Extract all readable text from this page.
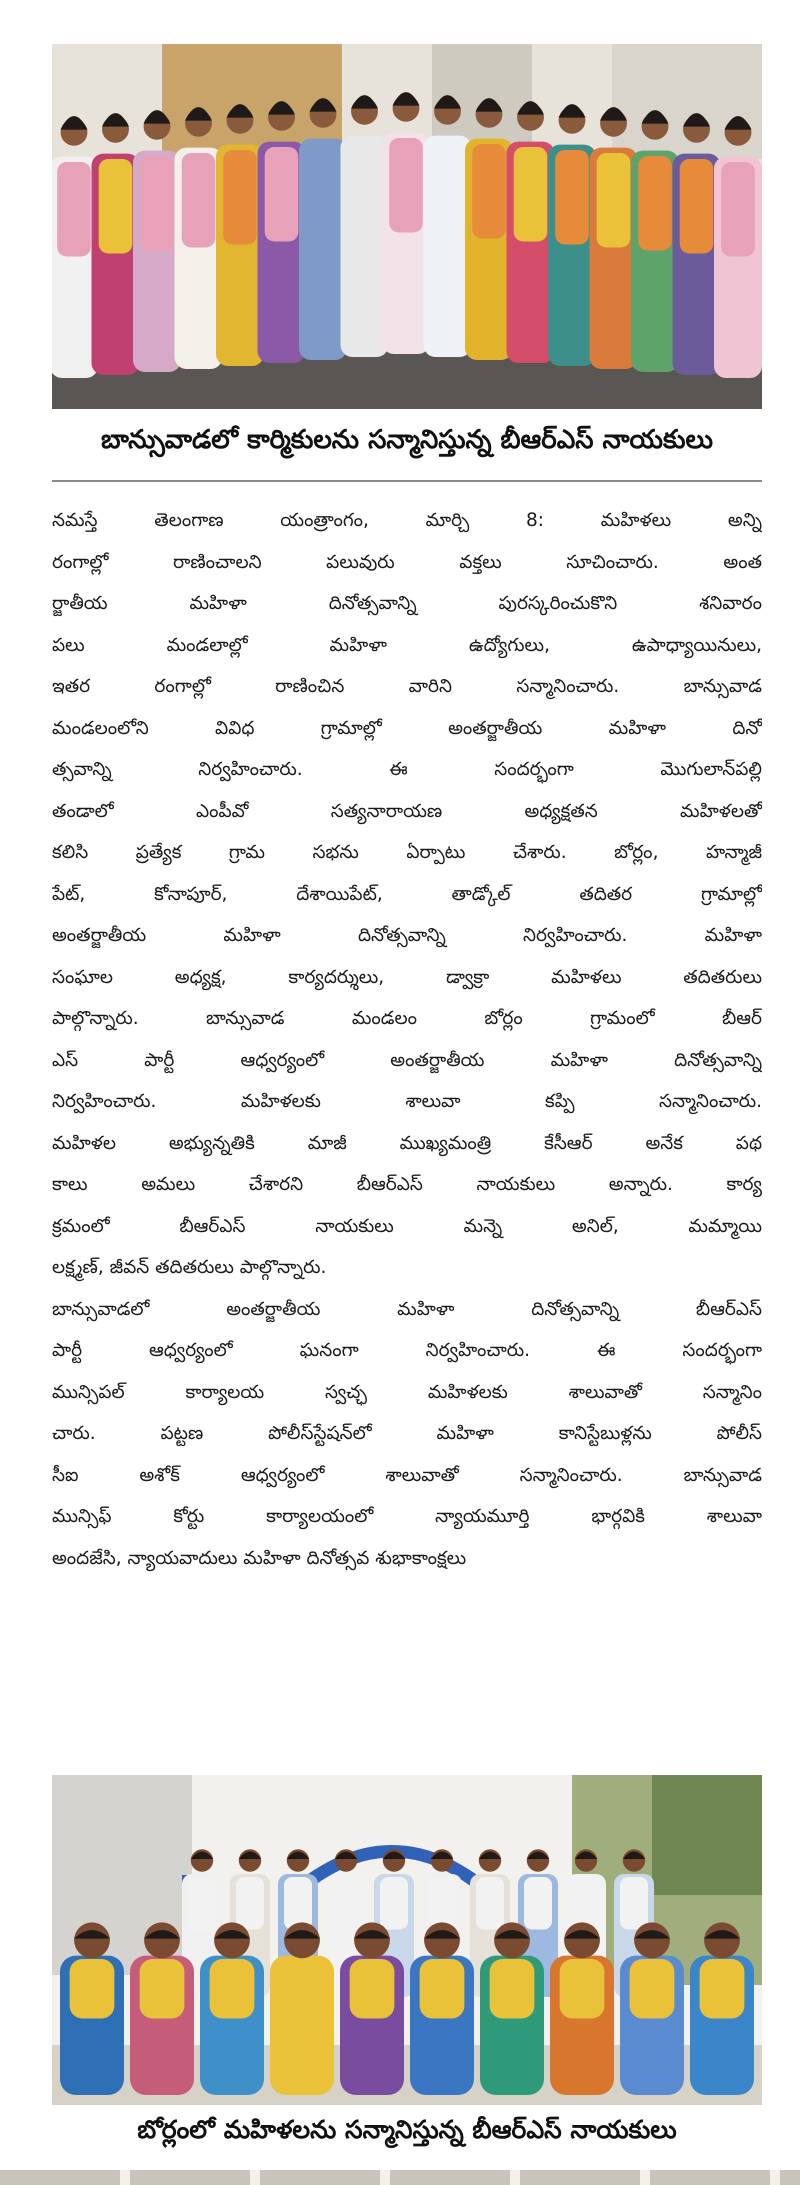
బాన్సువాడలో కార్మికులను సన్మానిస్తున్న బీఆర్ఎస్ నాయకులు
నమస్తే తెలంగాణ యంత్రాంగం, మార్చి 8: మహిళలు అన్ని
రంగాల్లో రాణించాలని పలువురు వక్తలు సూచించారు. అంత
ర్జాతీయ మహిళా దినోత్సవాన్ని పురస్కరించుకొని శనివారం
పలు మండలాల్లో మహిళా ఉద్యోగులు, ఉపాధ్యాయినులు,
ఇతర రంగాల్లో రాణించిన వారిని సన్మానించారు. బాన్సువాడ
మండలంలోని వివిధ గ్రామాల్లో అంతర్జాతీయ మహిళా దినో
త్సవాన్ని నిర్వహించారు. ఈ సందర్భంగా మొగులాన్‌పల్లి
తండాలో ఎంపీవో సత్యనారాయణ అధ్యక్షతన మహిళలతో
కలిసి ప్రత్యేక గ్రామ సభను ఏర్పాటు చేశారు. బోర్లం, హన్మాజీ
పేట్, కోనాపూర్, దేశాయిపేట్, తాడ్కోల్ తదితర గ్రామాల్లో
అంతర్జాతీయ మహిళా దినోత్సవాన్ని నిర్వహించారు. మహిళా
సంఘాల అధ్యక్ష, కార్యదర్శులు, డ్వాక్రా మహిళలు తదితరులు
పాల్గొన్నారు. బాన్సువాడ మండలం బోర్లం గ్రామంలో బీఆర్
ఎస్ పార్టీ ఆధ్వర్యంలో అంతర్జాతీయ మహిళా దినోత్సవాన్ని
నిర్వహించారు. మహిళలకు శాలువా కప్పి సన్మానించారు.
మహిళల అభ్యున్నతికి మాజీ ముఖ్యమంత్రి కేసీఆర్ అనేక పథ
కాలు అమలు చేశారని బీఆర్ఎస్ నాయకులు అన్నారు. కార్య
క్రమంలో బీఆర్ఎస్ నాయకులు మన్నె అనిల్, మమ్మాయి
లక్ష్మణ్, జీవన్ తదితరులు పాల్గొన్నారు.
బాన్సువాడలో అంతర్జాతీయ మహిళా దినోత్సవాన్ని బీఆర్ఎస్
పార్టీ ఆధ్వర్యంలో ఘనంగా నిర్వహించారు. ఈ సందర్భంగా
మున్సిపల్ కార్యాలయ స్వచ్ఛ మహిళలకు శాలువాతో సన్మానిం
చారు. పట్టణ పోలీస్‌స్టేషన్‌లో మహిళా కానిస్టేబుళ్లను పోలీస్
సీఐ అశోక్ ఆధ్వర్యంలో శాలువాతో సన్మానించారు. బాన్సువాడ
మున్సిఫ్ కోర్టు కార్యాలయంలో న్యాయమూర్తి భార్గవికి శాలువా
అందజేసి, న్యాయవాదులు మహిళా దినోత్సవ శుభాకాంక్షలు
బోర్లంలో మహిళలను సన్మానిస్తున్న బీఆర్ఎస్ నాయకులు
